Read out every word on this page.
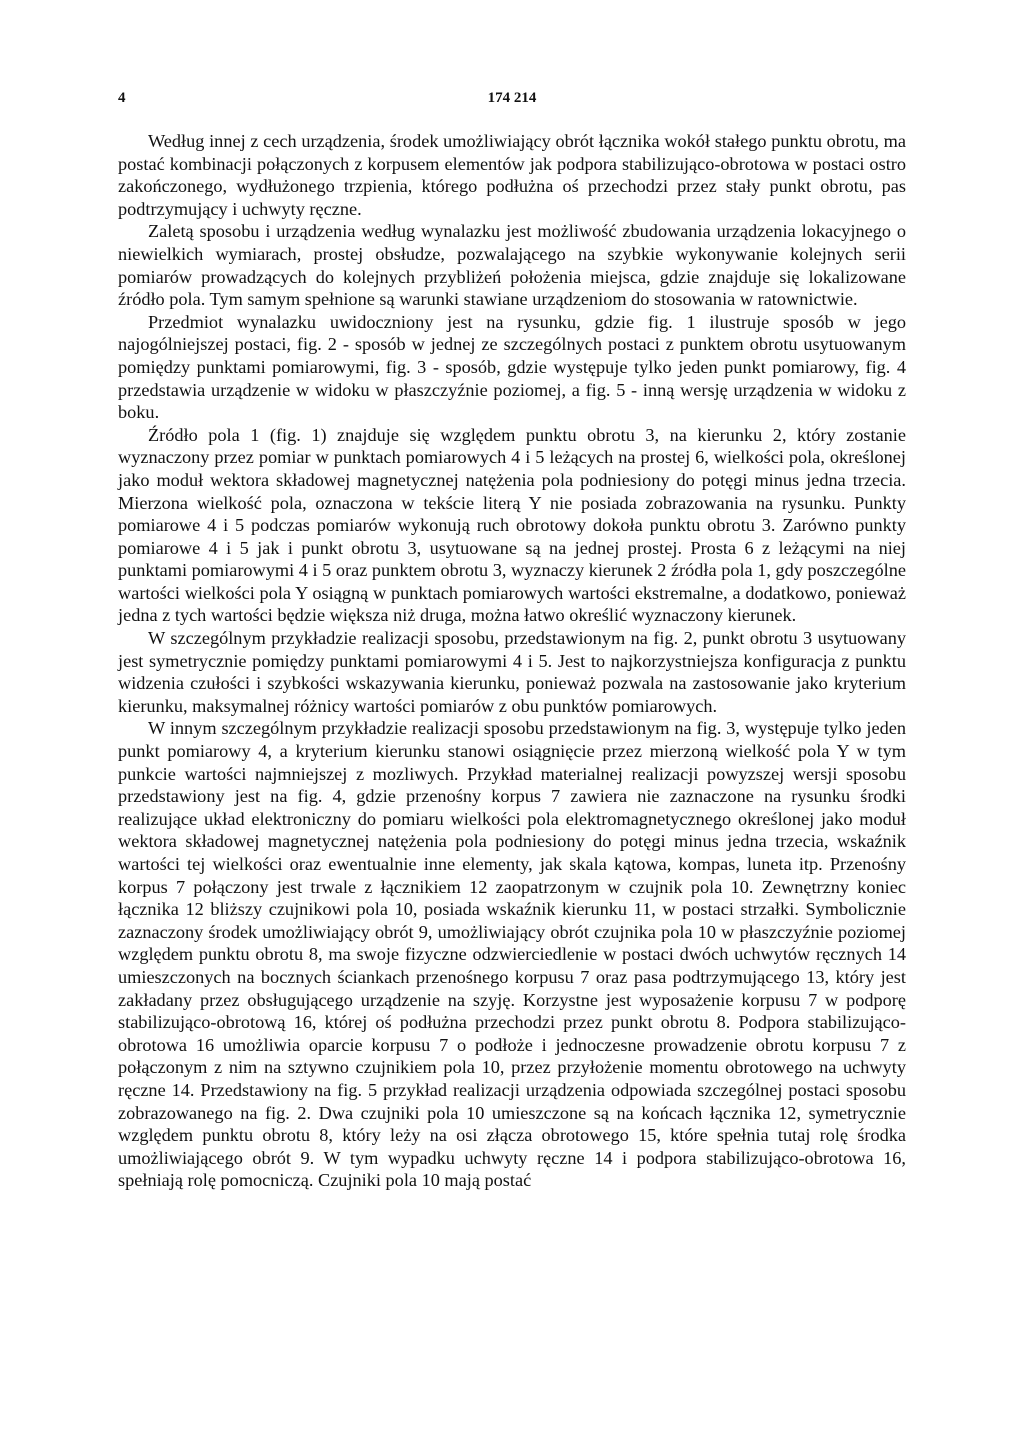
4	174 214

Według innej z cech urządzenia, środek umożliwiający obrót łącznika wokół stałego punktu obrotu, ma postać kombinacji połączonych z korpusem elementów jak podpora stabilizująco-obrotowa w postaci ostro zakończonego, wydłużonego trzpienia, którego podłużna oś przechodzi przez stały punkt obrotu, pas podtrzymujący i uchwyty ręczne.

Zaletą sposobu i urządzenia według wynalazku jest możliwość zbudowania urządzenia lokacyjnego o niewielkich wymiarach, prostej obsłudze, pozwalającego na szybkie wykonywanie kolejnych serii pomiarów prowadzących do kolejnych przybliżeń położenia miejsca, gdzie znajduje się lokalizowane źródło pola. Tym samym spełnione są warunki stawiane urządzeniom do stosowania w ratownictwie.

Przedmiot wynalazku uwidoczniony jest na rysunku, gdzie fig. 1 ilustruje sposób w jego najogólniejszej postaci, fig. 2 - sposób w jednej ze szczególnych postaci z punktem obrotu usytuowanym pomiędzy punktami pomiarowymi, fig. 3 - sposób, gdzie występuje tylko jeden punkt pomiarowy, fig. 4 przedstawia urządzenie w widoku w płaszczyźnie poziomej, a fig. 5 - inną wersję urządzenia w widoku z boku.

Źródło pola 1 (fig. 1) znajduje się względem punktu obrotu 3, na kierunku 2, który zostanie wyznaczony przez pomiar w punktach pomiarowych 4 i 5 leżących na prostej 6, wielkości pola, określonej jako moduł wektora składowej magnetycznej natężenia pola podniesiony do potęgi minus jedna trzecia. Mierzona wielkość pola, oznaczona w tekście literą Y nie posiada zobrazowania na rysunku. Punkty pomiarowe 4 i 5 podczas pomiarów wykonują ruch obrotowy dokoła punktu obrotu 3. Zarówno punkty pomiarowe 4 i 5 jak i punkt obrotu 3, usytuowane są na jednej prostej. Prosta 6 z leżącymi na niej punktami pomiarowymi 4 i 5 oraz punktem obrotu 3, wyznaczy kierunek 2 źródła pola 1, gdy poszczególne wartości wielkości pola Y osiągną w punktach pomiarowych wartości ekstremalne, a dodatkowo, ponieważ jedna z tych wartości będzie większa niż druga, można łatwo określić wyznaczony kierunek.

W szczególnym przykładzie realizacji sposobu, przedstawionym na fig. 2, punkt obrotu 3 usytuowany jest symetrycznie pomiędzy punktami pomiarowymi 4 i 5. Jest to najkorzystniejsza konfiguracja z punktu widzenia czułości i szybkości wskazywania kierunku, ponieważ pozwala na zastosowanie jako kryterium kierunku, maksymalnej różnicy wartości pomiarów z obu punktów pomiarowych.

W innym szczególnym przykładzie realizacji sposobu przedstawionym na fig. 3, występuje tylko jeden punkt pomiarowy 4, a kryterium kierunku stanowi osiągnięcie przez mierzoną wielkość pola Y w tym punkcie wartości najmniejszej z mozliwych. Przykład materialnej realizacji powyzszej wersji sposobu przedstawiony jest na fig. 4, gdzie przenośny korpus 7 zawiera nie zaznaczone na rysunku środki realizujące układ elektroniczny do pomiaru wielkości pola elektromagnetycznego określonej jako moduł wektora składowej magnetycznej natężenia pola podniesiony do potęgi minus jedna trzecia, wskaźnik wartości tej wielkości oraz ewentualnie inne elementy, jak skala kątowa, kompas, luneta itp. Przenośny korpus 7 połączony jest trwale z łącznikiem 12 zaopatrzonym w czujnik pola 10. Zewnętrzny koniec łącznika 12 bliższy czujnikowi pola 10, posiada wskaźnik kierunku 11, w postaci strzałki. Symbolicznie zaznaczony środek umożliwiający obrót 9, umożliwiający obrót czujnika pola 10 w płaszczyźnie poziomej względem punktu obrotu 8, ma swoje fizyczne odzwierciedlenie w postaci dwóch uchwytów ręcznych 14 umieszczonych na bocznych ściankach przenośnego korpusu 7 oraz pasa podtrzymującego 13, który jest zakładany przez obsługującego urządzenie na szyję. Korzystne jest wyposażenie korpusu 7 w podporę stabilizująco-obrotową 16, której oś podłużna przechodzi przez punkt obrotu 8. Podpora stabilizująco-obrotowa 16 umożliwia oparcie korpusu 7 o podłoże i jednoczesne prowadzenie obrotu korpusu 7 z połączonym z nim na sztywno czujnikiem pola 10, przez przyłożenie momentu obrotowego na uchwyty ręczne 14. Przedstawiony na fig. 5 przykład realizacji urządzenia odpowiada szczególnej postaci sposobu zobrazowanego na fig. 2. Dwa czujniki pola 10 umieszczone są na końcach łącznika 12, symetrycznie względem punktu obrotu 8, który leży na osi złącza obrotowego 15, które spełnia tutaj rolę środka umożliwiającego obrót 9. W tym wypadku uchwyty ręczne 14 i podpora stabilizująco-obrotowa 16, spełniają rolę pomocniczą. Czujniki pola 10 mają postać
